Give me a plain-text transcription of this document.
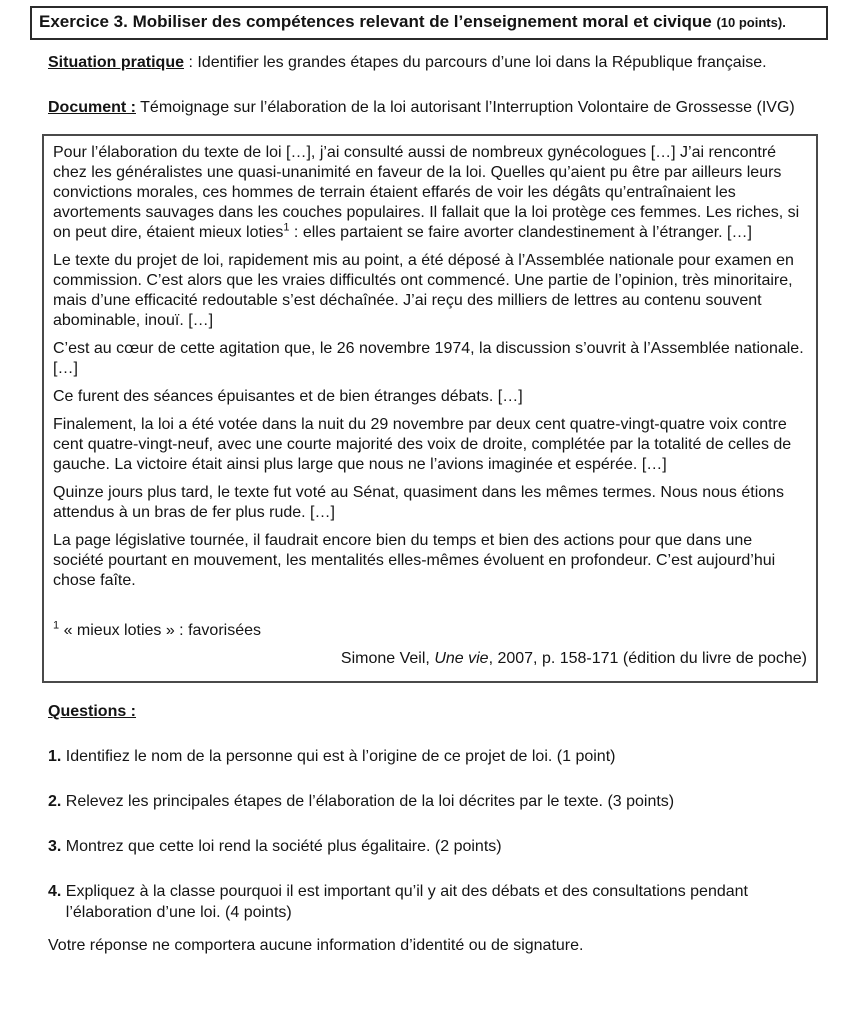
Exercice 3. Mobiliser des compétences relevant de l’enseignement moral et civique (10 points).
Situation pratique : Identifier les grandes étapes du parcours d’une loi dans la République française.

Document : Témoignage sur l’élaboration de la loi autorisant l’Interruption Volontaire de Grossesse (IVG)

Pour l’élaboration du texte de loi […], j’ai consulté aussi de nombreux gynécologues […] J’ai rencontré chez les généralistes une quasi-unanimité en faveur de la loi. Quelles qu’aient pu être par ailleurs leurs convictions morales, ces hommes de terrain étaient effarés de voir les dégâts qu’entraînaient les avortements sauvages dans les couches populaires. Il fallait que la loi protège ces femmes. Les riches, si on peut dire, étaient mieux loties$^1$ : elles partaient se faire avorter clandestinement à l’étranger. […]

Le texte du projet de loi, rapidement mis au point, a été déposé à l’Assemblée nationale pour examen en commission. C’est alors que les vraies difficultés ont commencé. Une partie de l’opinion, très minoritaire, mais d’une efficacité redoutable s’est déchaînée. J’ai reçu des milliers de lettres au contenu souvent abominable, inouï. […]

C’est au cœur de cette agitation que, le 26 novembre 1974, la discussion s’ouvrit à l’Assemblée nationale. […]

Ce furent des séances épuisantes et de bien étranges débats. […]

Finalement, la loi a été votée dans la nuit du 29 novembre par deux cent quatre-vingt-quatre voix contre cent quatre-vingt-neuf, avec une courte majorité des voix de droite, complétée par la totalité de celles de gauche. La victoire était ainsi plus large que nous ne l’avions imaginée et espérée. […]

Quinze jours plus tard, le texte fut voté au Sénat, quasiment dans les mêmes termes. Nous nous étions attendus à un bras de fer plus rude. […]

La page législative tournée, il faudrait encore bien du temps et bien des actions pour que dans une société pourtant en mouvement, les mentalités elles-mêmes évoluent en profondeur. C’est aujourd’hui chose faîte.

$^1$ « mieux loties » : favorisées

Simone Veil, Une vie, 2007, p. 158-171 (édition du livre de poche)

Questions :
1. Identifiez le nom de la personne qui est à l’origine de ce projet de loi. (1 point)
2. Relevez les principales étapes de l’élaboration de la loi décrites par le texte. (3 points)
3. Montrez que cette loi rend la société plus égalitaire. (2 points)
4. Expliquez à la classe pourquoi il est important qu’il y ait des débats et des consultations pendant l’élaboration d’une loi. (4 points)

Votre réponse ne comportera aucune information d’identité ou de signature.
